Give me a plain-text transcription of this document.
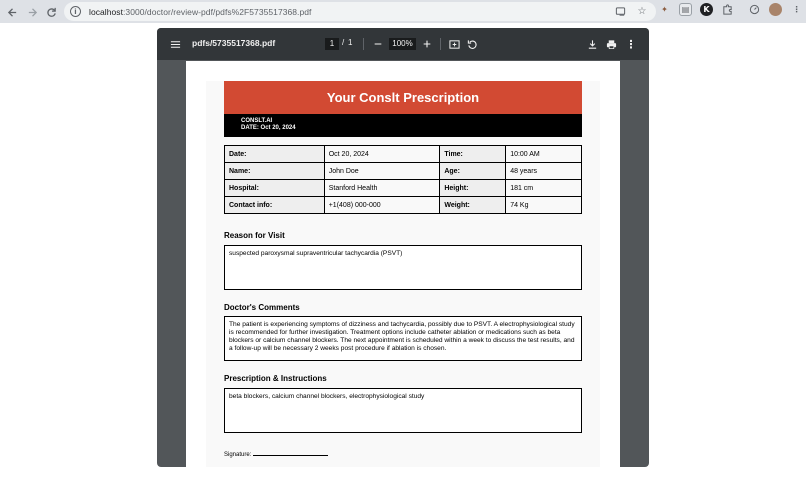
i	localhost:3000/doctor/review-pdf/pdfs%2F5735517368.pdf	☆	✦	▤	K	⋮
pdfs/5735517368.pdf	1 / 1	100%	⋮
Your Conslt Prescription
CONSLT.AI
DATE: Oct 20, 2024
Date:	Oct 20, 2024	Time:	10:00 AM
Name:	John Doe	Age:	48 years
Hospital:	Stanford Health	Height:	181 cm
Contact info:	+1(408) 000-000	Weight:	74 Kg
Reason for Visit
suspected paroxysmal supraventricular tachycardia (PSVT)
Doctor's Comments
The patient is experiencing symptoms of dizziness and tachycardia, possibly due to PSVT. A electrophysiological study is recommended for further investigation. Treatment options include catheter ablation or medications such as beta blockers or calcium channel blockers. The next appointment is scheduled within a week to discuss the test results, and a follow-up will be necessary 2 weeks post procedure if ablation is chosen.
Prescription & Instructions
beta blockers, calcium channel blockers, electrophysiological study
Signature:
